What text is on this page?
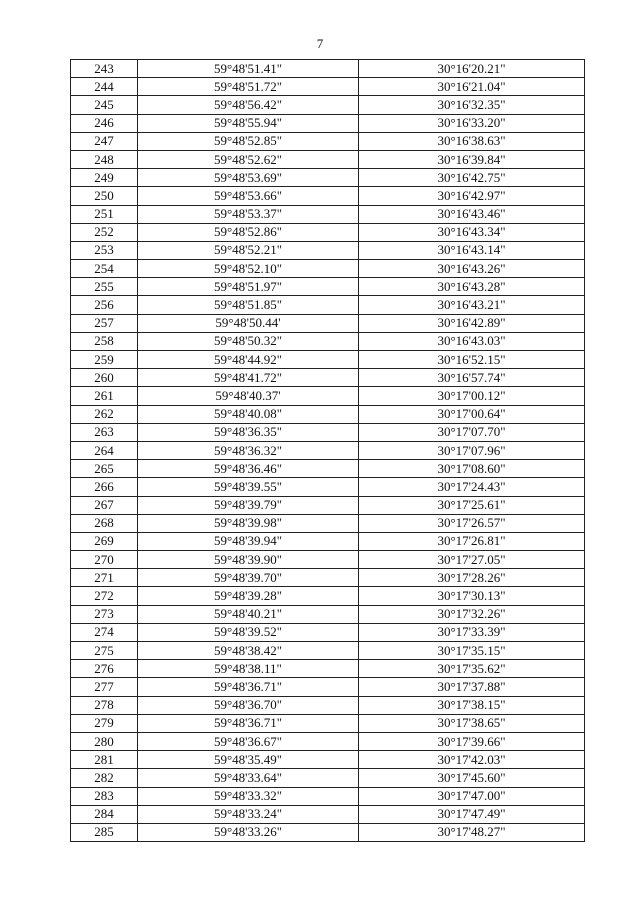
7
243	59°48'51.41"	30°16'20.21"
244	59°48'51.72"	30°16'21.04"
245	59°48'56.42"	30°16'32.35"
246	59°48'55.94"	30°16'33.20"
247	59°48'52.85"	30°16'38.63"
248	59°48'52.62"	30°16'39.84"
249	59°48'53.69"	30°16'42.75"
250	59°48'53.66"	30°16'42.97"
251	59°48'53.37"	30°16'43.46"
252	59°48'52.86"	30°16'43.34"
253	59°48'52.21"	30°16'43.14"
254	59°48'52.10"	30°16'43.26"
255	59°48'51.97"	30°16'43.28"
256	59°48'51.85"	30°16'43.21"
257	59°48'50.44'	30°16'42.89"
258	59°48'50.32"	30°16'43.03"
259	59°48'44.92"	30°16'52.15"
260	59°48'41.72"	30°16'57.74"
261	59°48'40.37'	30°17'00.12"
262	59°48'40.08"	30°17'00.64"
263	59°48'36.35"	30°17'07.70"
264	59°48'36.32"	30°17'07.96"
265	59°48'36.46"	30°17'08.60"
266	59°48'39.55"	30°17'24.43"
267	59°48'39.79"	30°17'25.61"
268	59°48'39.98"	30°17'26.57"
269	59°48'39.94"	30°17'26.81"
270	59°48'39.90"	30°17'27.05"
271	59°48'39.70"	30°17'28.26"
272	59°48'39.28"	30°17'30.13"
273	59°48'40.21"	30°17'32.26"
274	59°48'39.52"	30°17'33.39"
275	59°48'38.42"	30°17'35.15"
276	59°48'38.11"	30°17'35.62"
277	59°48'36.71"	30°17'37.88"
278	59°48'36.70"	30°17'38.15"
279	59°48'36.71"	30°17'38.65"
280	59°48'36.67"	30°17'39.66"
281	59°48'35.49"	30°17'42.03"
282	59°48'33.64"	30°17'45.60"
283	59°48'33.32"	30°17'47.00"
284	59°48'33.24"	30°17'47.49"
285	59°48'33.26"	30°17'48.27"
